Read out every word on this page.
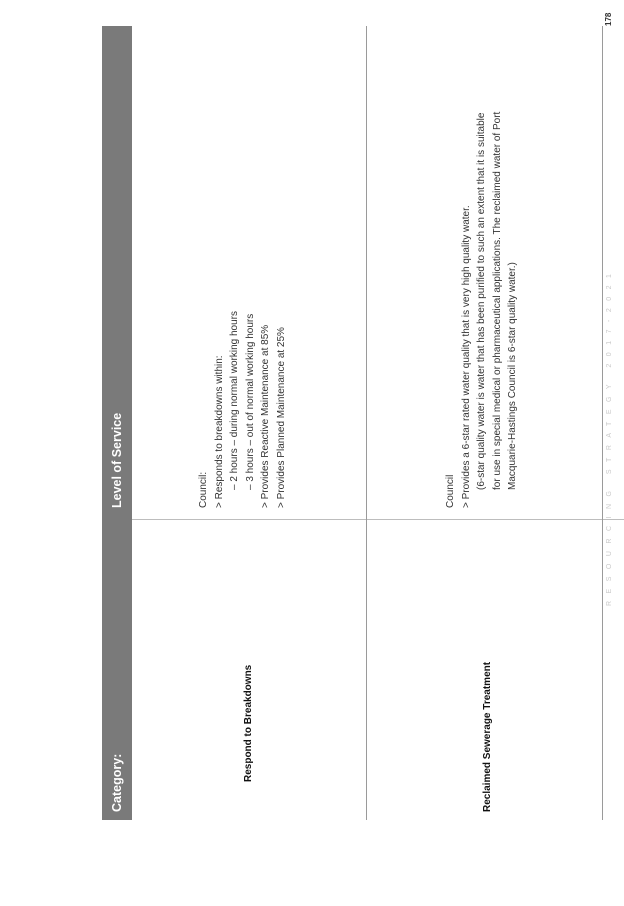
Category:
Level of Service
Respond to Breakdowns
Council: > Responds to breakdowns within: – 2 hours – during normal working hours – 3 hours – out of normal working hours > Provides Reactive Maintenance at 85% > Provides Planned Maintenance at 25%
Reclaimed Sewerage Treatment
Council > Provides a 6-star rated water quality that is very high quality water. (6-star quality water is water that has been purified to such an extent that it is suitable for use in special medical or pharmaceutical applications. The reclaimed water of Port Macquarie-Hastings Council is 6-star quality water.)	RESOURCING STRATEGY 2017-2021
178
